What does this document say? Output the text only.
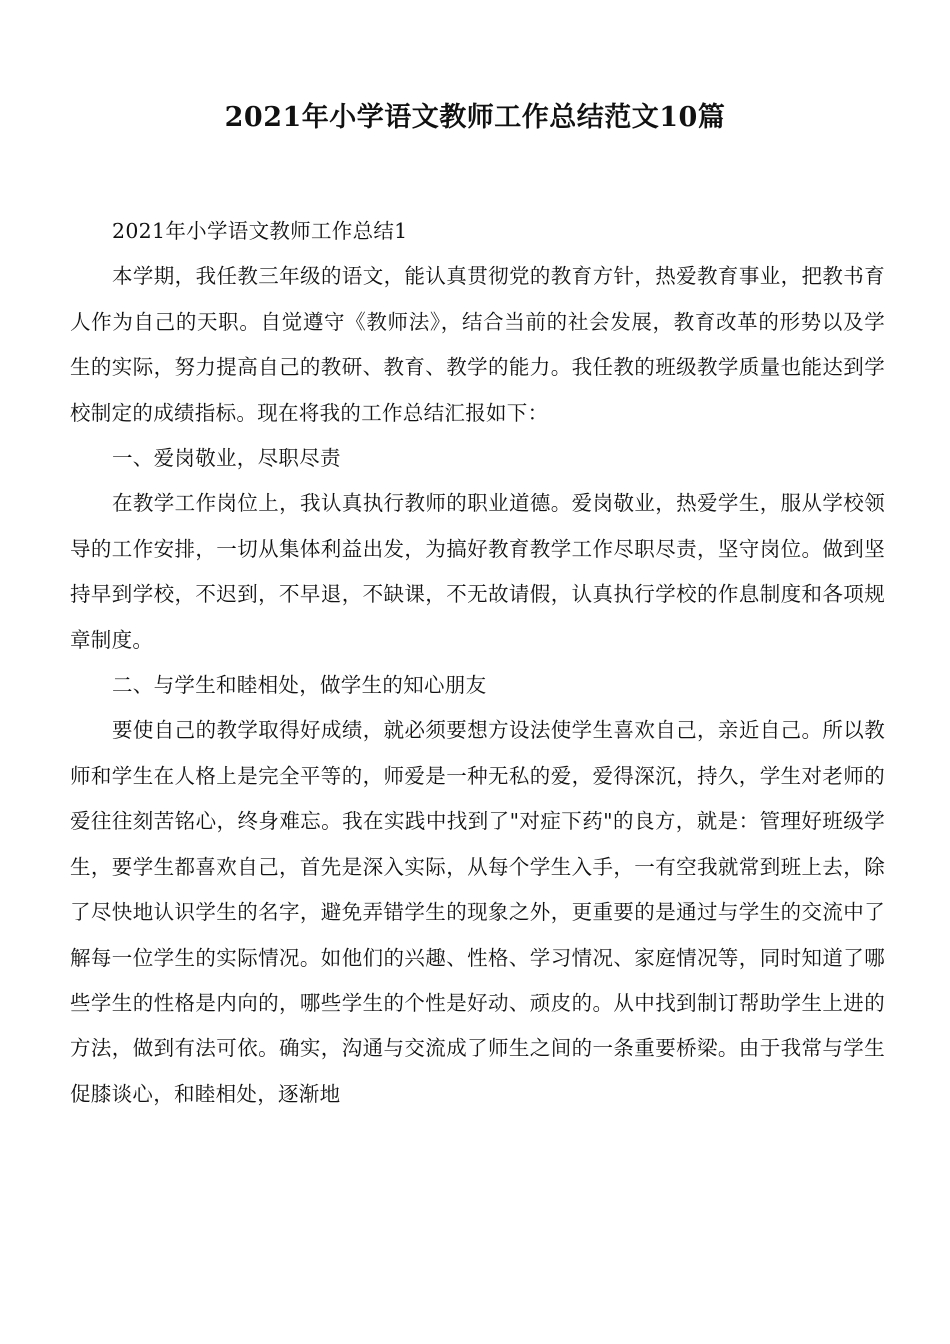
2021年小学语文教师工作总结范文10篇

2021年小学语文教师工作总结1

本学期，我任教三年级的语文，能认真贯彻党的教育方针，热爱教育事业，把教书育人作为自己的天职。自觉遵守《教师法》，结合当前的社会发展，教育改革的形势以及学生的实际，努力提高自己的教研、教育、教学的能力。我任教的班级教学质量也能达到学校制定的成绩指标。现在将我的工作总结汇报如下：

一、爱岗敬业，尽职尽责

在教学工作岗位上，我认真执行教师的职业道德。爱岗敬业，热爱学生，服从学校领导的工作安排，一切从集体利益出发，为搞好教育教学工作尽职尽责，坚守岗位。做到坚持早到学校，不迟到，不早退，不缺课，不无故请假，认真执行学校的作息制度和各项规章制度。

二、与学生和睦相处，做学生的知心朋友

要使自己的教学取得好成绩，就必须要想方设法使学生喜欢自己，亲近自己。所以教师和学生在人格上是完全平等的，师爱是一种无私的爱，爱得深沉，持久，学生对老师的爱往往刻苦铭心，终身难忘。我在实践中找到了"对症下药"的良方，就是：管理好班级学生，要学生都喜欢自己，首先是深入实际，从每个学生入手，一有空我就常到班上去，除了尽快地认识学生的名字，避免弄错学生的现象之外，更重要的是通过与学生的交流中了解每一位学生的实际情况。如他们的兴趣、性格、学习情况、家庭情况等，同时知道了哪些学生的性格是内向的，哪些学生的个性是好动、顽皮的。从中找到制订帮助学生上进的方法，做到有法可依。确实，沟通与交流成了师生之间的一条重要桥梁。由于我常与学生促膝谈心，和睦相处，逐渐地
